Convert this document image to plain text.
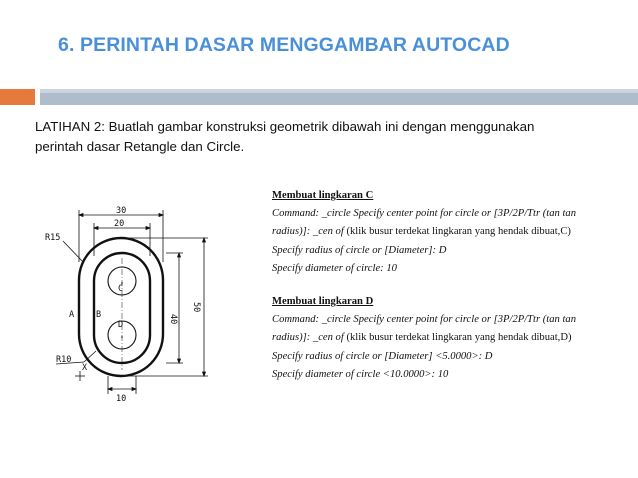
6. PERINTAH DASAR MENGGAMBAR AUTOCAD
LATIHAN 2: Buatlah gambar konstruksi geometrik dibawah ini dengan menggunakan
perintah dasar Retangle dan Circle.
30
20
40
50
10
R15
R10
A	B
C
D
X
Membuat lingkaran C
Command: _circle Specify center point for circle or [3P/2P/Ttr (tan tan
radius)]: _cen of (klik busur terdekat lingkaran yang hendak dibuat,C)
Specify radius of circle or [Diameter]: D
Specify diameter of circle: 10
Membuat lingkaran D
Command: _circle Specify center point for circle or [3P/2P/Ttr (tan tan
radius)]: _cen of (klik busur terdekat lingkaran yang hendak dibuat,D)
Specify radius of circle or [Diameter] <5.0000>: D
Specify diameter of circle <10.0000>: 10
